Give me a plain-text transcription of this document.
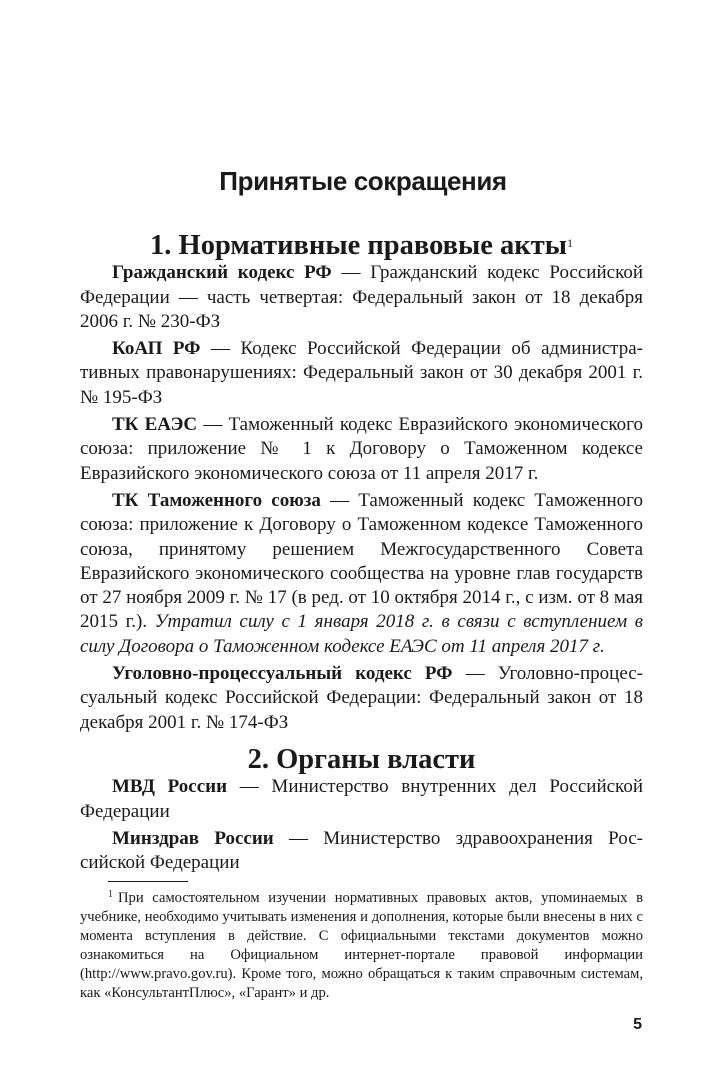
Принятые сокращения
1. Нормативные правовые акты$^1$

Гражданский кодекс РФ — Гражданский кодекс Российской Федерации — часть четвертая: Федеральный закон от 18 декабря 2006 г. № 230-ФЗ

КоАП РФ — Кодекс Российской Федерации об административных правонарушениях: Федеральный закон от 30 декабря 2001 г. № 195-ФЗ

ТК ЕАЭС — Таможенный кодекс Евразийского экономического союза: приложение № 1 к Договору о Таможенном кодексе Евразийского экономического союза от 11 апреля 2017 г.

ТК Таможенного союза — Таможенный кодекс Таможенного союза: приложение к Договору о Таможенном кодексе Таможенного союза, принятому решением Межгосударственного Совета Евразийского экономического сообщества на уровне глав государств от 27 ноября 2009 г. № 17 (в ред. от 10 октября 2014 г., с изм. от 8 мая 2015 г.). Утратил силу с 1 января 2018 г. в связи с вступлением в силу Договора о Таможенном кодексе ЕАЭС от 11 апреля 2017 г.

Уголовно-процессуальный кодекс РФ — Уголовно-процессуальный кодекс Российской Федерации: Федеральный закон от 18 декабря 2001 г. № 174-ФЗ

2. Органы власти

МВД России — Министерство внутренних дел Российской Федерации

Минздрав России — Министерство здравоохранения Российской Федерации

$^1$ При самостоятельном изучении нормативных правовых актов, упоминаемых в учебнике, необходимо учитывать изменения и дополнения, которые были внесены в них с момента вступления в действие. С официальными текстами документов можно ознакомиться на Официальном интернет-портале правовой информации (http://www.pravo.gov.ru). Кроме того, можно обращаться к таким справочным системам, как «КонсультантПлюс», «Гарант» и др.

5
